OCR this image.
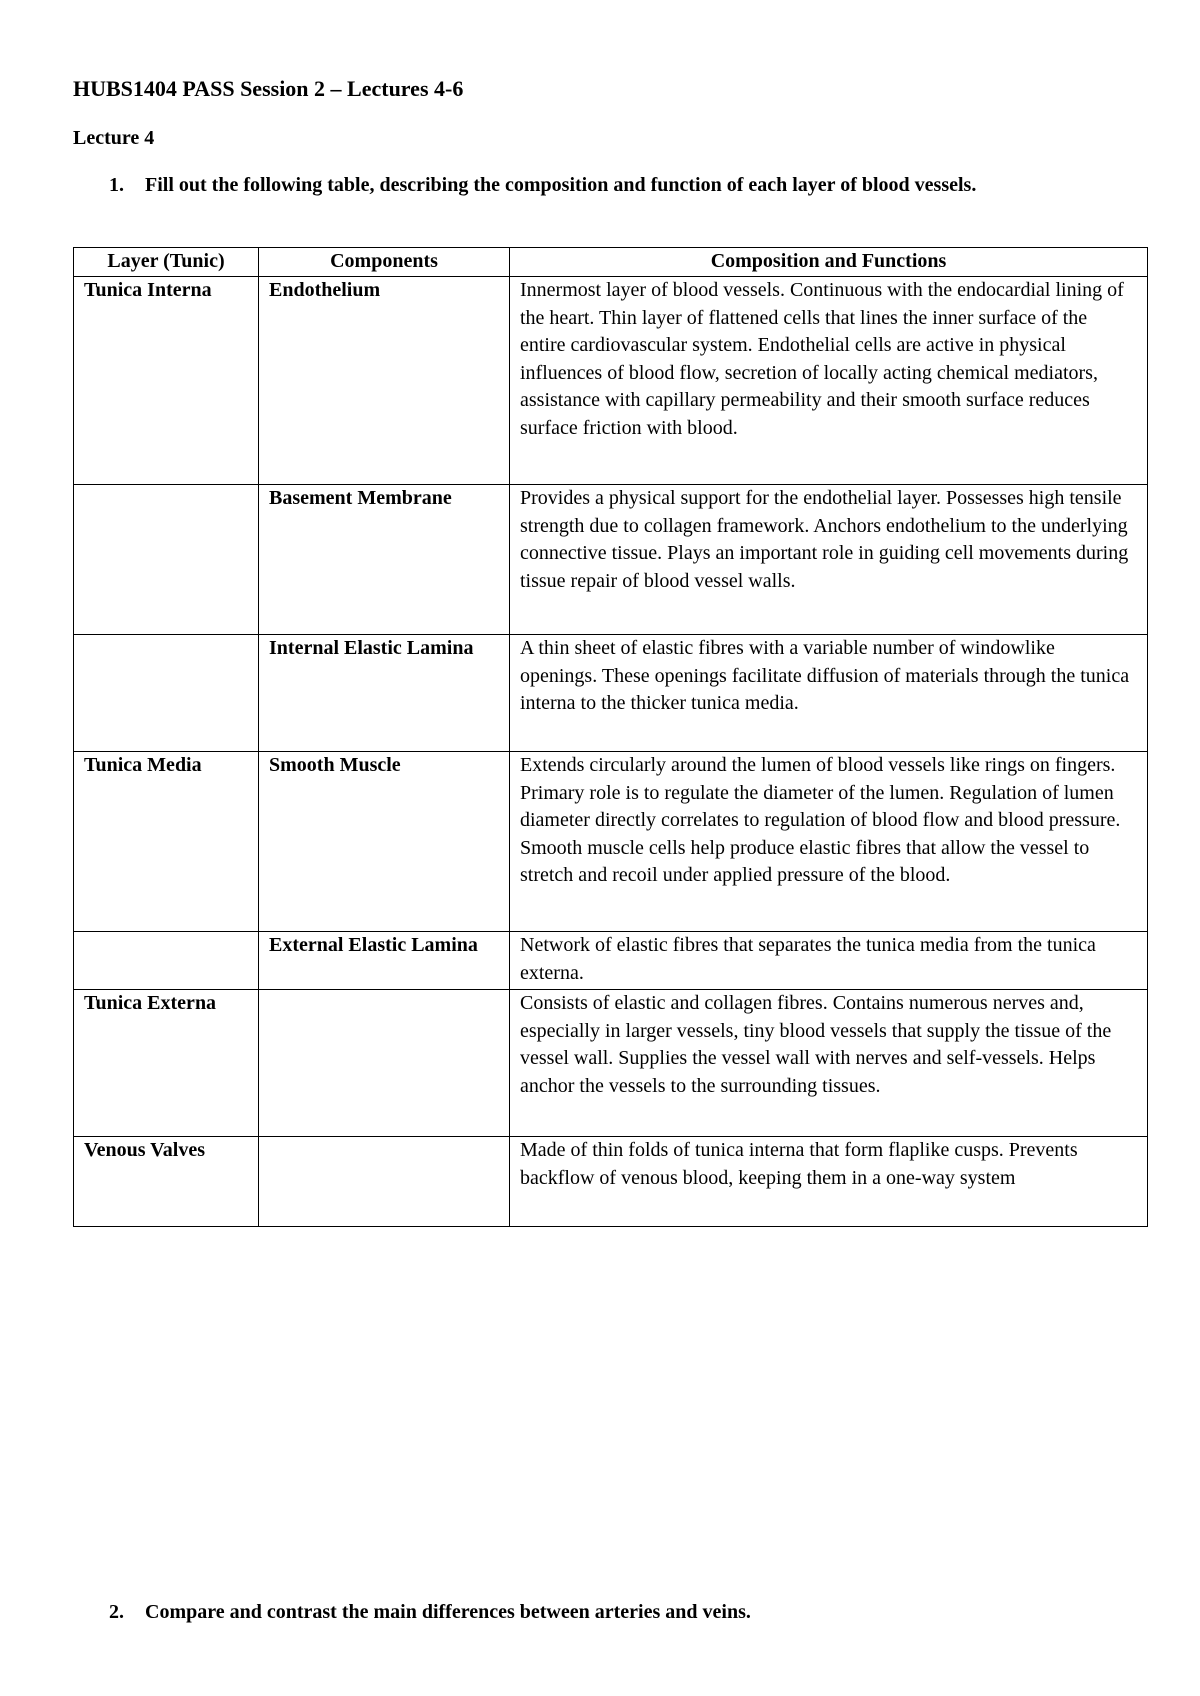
HUBS1404 PASS Session 2 – Lectures 4-6
Lecture 4
1.	Fill out the following table, describing the composition and function of each layer of blood vessels.
Layer (Tunic)	Components	Composition and Functions
Tunica Interna	Endothelium	Innermost layer of blood vessels. Continuous with the endocardial lining of the heart. Thin layer of flattened cells that lines the inner surface of the entire cardiovascular system. Endothelial cells are active in physical influences of blood flow, secretion of locally acting chemical mediators, assistance with capillary permeability and their smooth surface reduces surface friction with blood.
	Basement Membrane	Provides a physical support for the endothelial layer. Possesses high tensile strength due to collagen framework. Anchors endothelium to the underlying connective tissue. Plays an important role in guiding cell movements during tissue repair of blood vessel walls.
	Internal Elastic Lamina	A thin sheet of elastic fibres with a variable number of windowlike openings. These openings facilitate diffusion of materials through the tunica interna to the thicker tunica media.
Tunica Media	Smooth Muscle	Extends circularly around the lumen of blood vessels like rings on fingers. Primary role is to regulate the diameter of the lumen. Regulation of lumen diameter directly correlates to regulation of blood flow and blood pressure. Smooth muscle cells help produce elastic fibres that allow the vessel to stretch and recoil under applied pressure of the blood.
	External Elastic Lamina	Network of elastic fibres that separates the tunica media from the tunica externa.
Tunica Externa		Consists of elastic and collagen fibres. Contains numerous nerves and, especially in larger vessels, tiny blood vessels that supply the tissue of the vessel wall. Supplies the vessel wall with nerves and self-vessels. Helps anchor the vessels to the surrounding tissues.
Venous Valves		Made of thin folds of tunica interna that form flaplike cusps. Prevents backflow of venous blood, keeping them in a one-way system
2.	Compare and contrast the main differences between arteries and veins.
